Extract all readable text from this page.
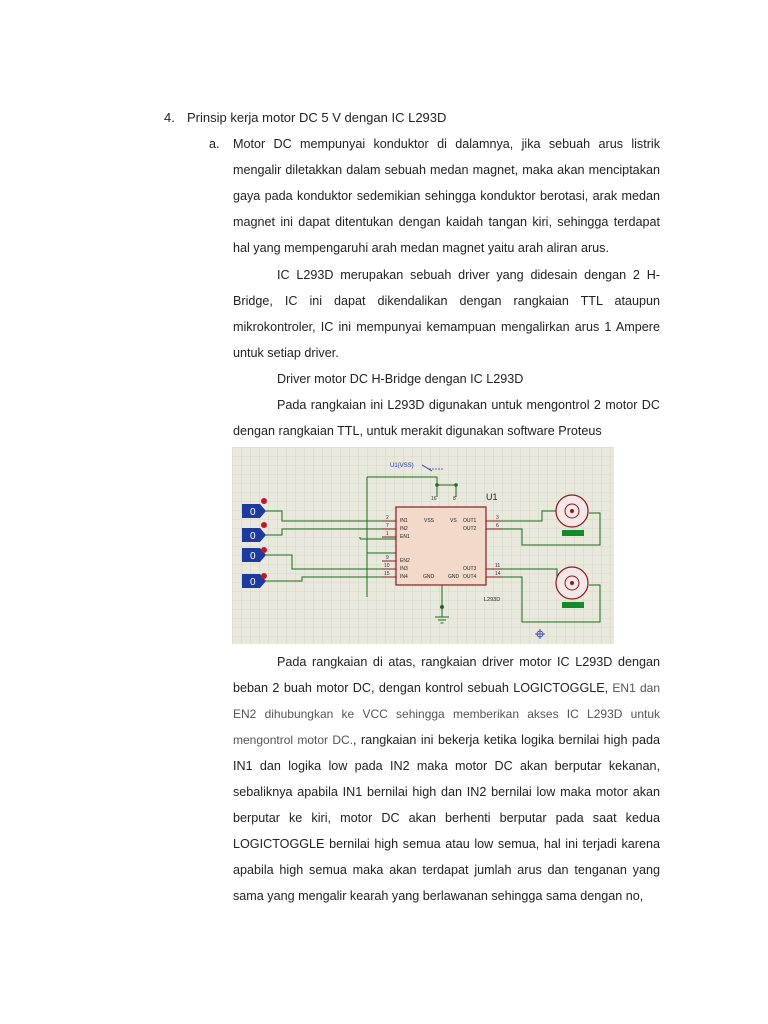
4. Prinsip kerja motor DC 5 V dengan IC L293D

a. Motor DC mempunyai konduktor di dalamnya, jika sebuah arus listrik mengalir diletakkan dalam sebuah medan magnet, maka akan menciptakan gaya pada konduktor sedemikian sehingga konduktor berotasi, arak medan magnet ini dapat ditentukan dengan kaidah tangan kiri, sehingga terdapat hal yang mempengaruhi arah medan magnet yaitu arah aliran arus.

IC L293D merupakan sebuah driver yang didesain dengan 2 H-Bridge, IC ini dapat dikendalikan dengan rangkaian TTL ataupun mikrokontroler, IC ini mempunyai kemampuan mengalirkan arus 1 Ampere untuk setiap driver.

Driver motor DC H-Bridge dengan IC L293D

Pada rangkaian ini L293D digunakan untuk mengontrol 2 motor DC dengan rangkaian TTL, untuk merakit digunakan software Proteus

U1(VSS)
16	8	U1
L293D
IN1
IN2
EN1
EN2
IN3
IN4
VSS	VS OUT1
OUT2
OUT3
OUT4
GND	GND
2
7
1
9
10
15
3
6
11
14
0
0
0
0

Pada rangkaian di atas, rangkaian driver motor IC L293D dengan beban 2 buah motor DC, dengan kontrol sebuah LOGICTOGGLE, EN1 dan EN2 dihubungkan ke VCC sehingga memberikan akses IC L293D untuk mengontrol motor DC., rangkaian ini bekerja ketika logika bernilai high pada IN1 dan logika low pada IN2 maka motor DC akan berputar kekanan, sebaliknya apabila IN1 bernilai high dan IN2 bernilai low maka motor akan berputar ke kiri, motor DC akan berhenti berputar pada saat kedua LOGICTOGGLE bernilai high semua atau low semua, hal ini terjadi karena apabila high semua maka akan terdapat jumlah arus dan tenganan yang sama yang mengalir kearah yang berlawanan sehingga sama dengan no,
